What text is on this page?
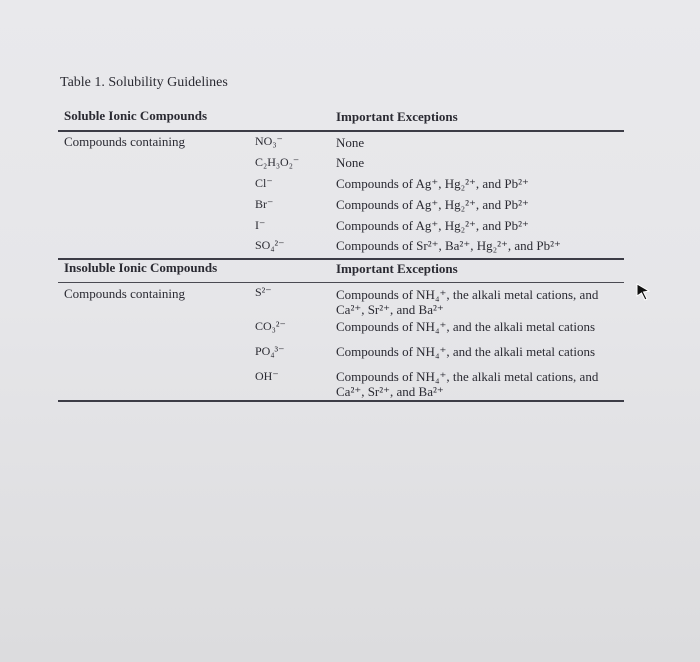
Table 1. Solubility Guidelines
Soluble Ionic Compounds	Important Exceptions
Compounds containing	NO₃⁻	None
C₂H₃O₂⁻	None
Cl⁻	Compounds of Ag⁺, Hg₂²⁺, and Pb²⁺
Br⁻	Compounds of Ag⁺, Hg₂²⁺, and Pb²⁺
I⁻	Compounds of Ag⁺, Hg₂²⁺, and Pb²⁺
SO₄²⁻	Compounds of Sr²⁺, Ba²⁺, Hg₂²⁺, and Pb²⁺
Insoluble Ionic Compounds	Important Exceptions
Compounds containing	S²⁻	Compounds of NH₄⁺, the alkali metal cations, and
Ca²⁺, Sr²⁺, and Ba²⁺
CO₃²⁻	Compounds of NH₄⁺, and the alkali metal cations
PO₄³⁻	Compounds of NH₄⁺, and the alkali metal cations
OH⁻	Compounds of NH₄⁺, the alkali metal cations, and
Ca²⁺, Sr²⁺, and Ba²⁺
